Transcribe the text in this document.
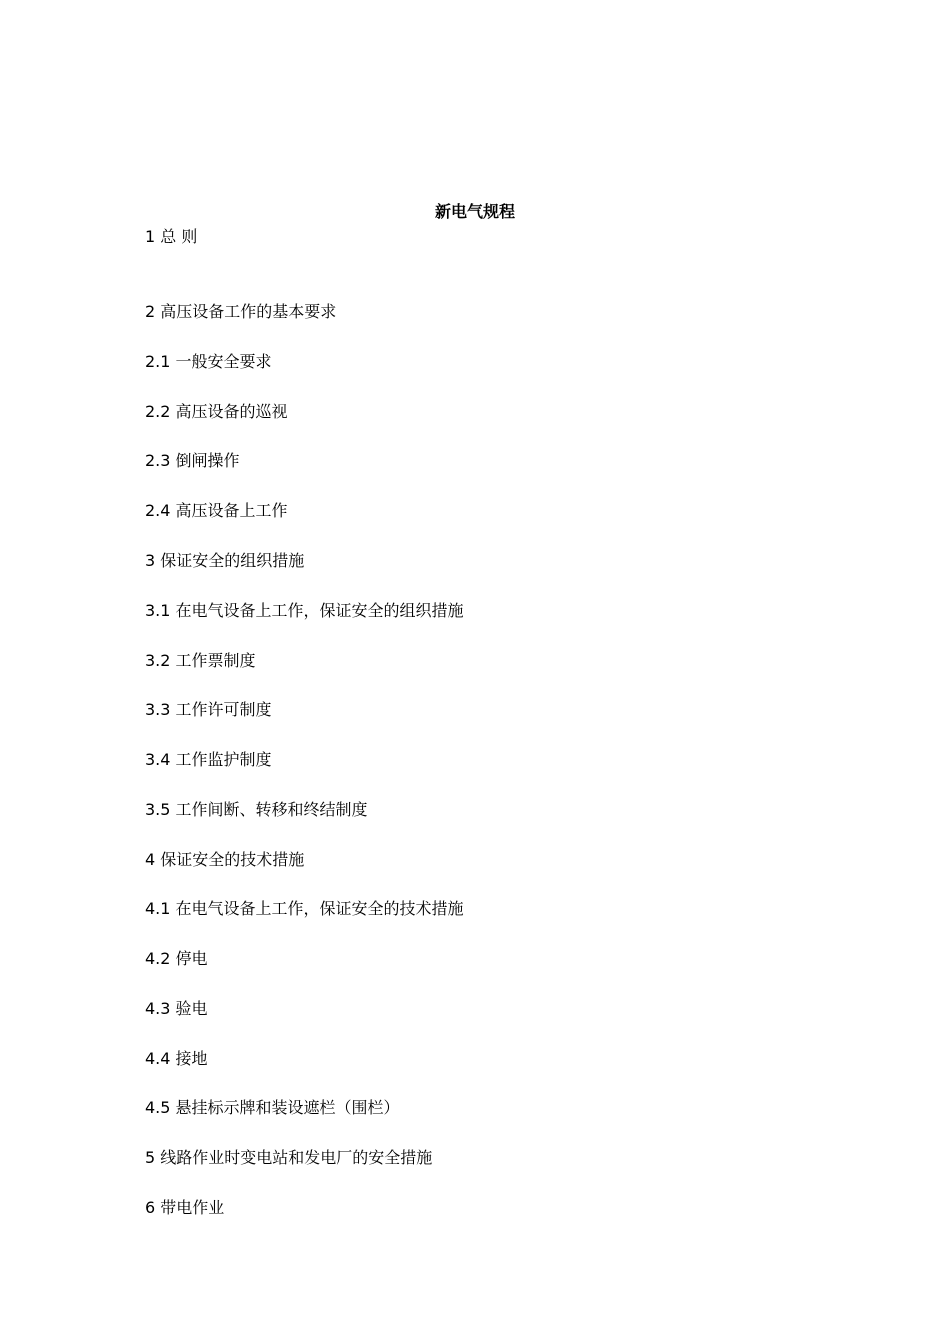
新电气规程

1 总 则

2 高压设备工作的基本要求

2.1 一般安全要求

2.2 高压设备的巡视

2.3 倒闸操作

2.4 高压设备上工作

3 保证安全的组织措施

3.1 在电气设备上工作，保证安全的组织措施

3.2 工作票制度

3.3 工作许可制度

3.4 工作监护制度

3.5 工作间断、转移和终结制度

4 保证安全的技术措施

4.1 在电气设备上工作，保证安全的技术措施

4.2 停电

4.3 验电

4.4 接地

4.5 悬挂标示牌和装设遮栏（围栏）

5 线路作业时变电站和发电厂的安全措施

6 带电作业
